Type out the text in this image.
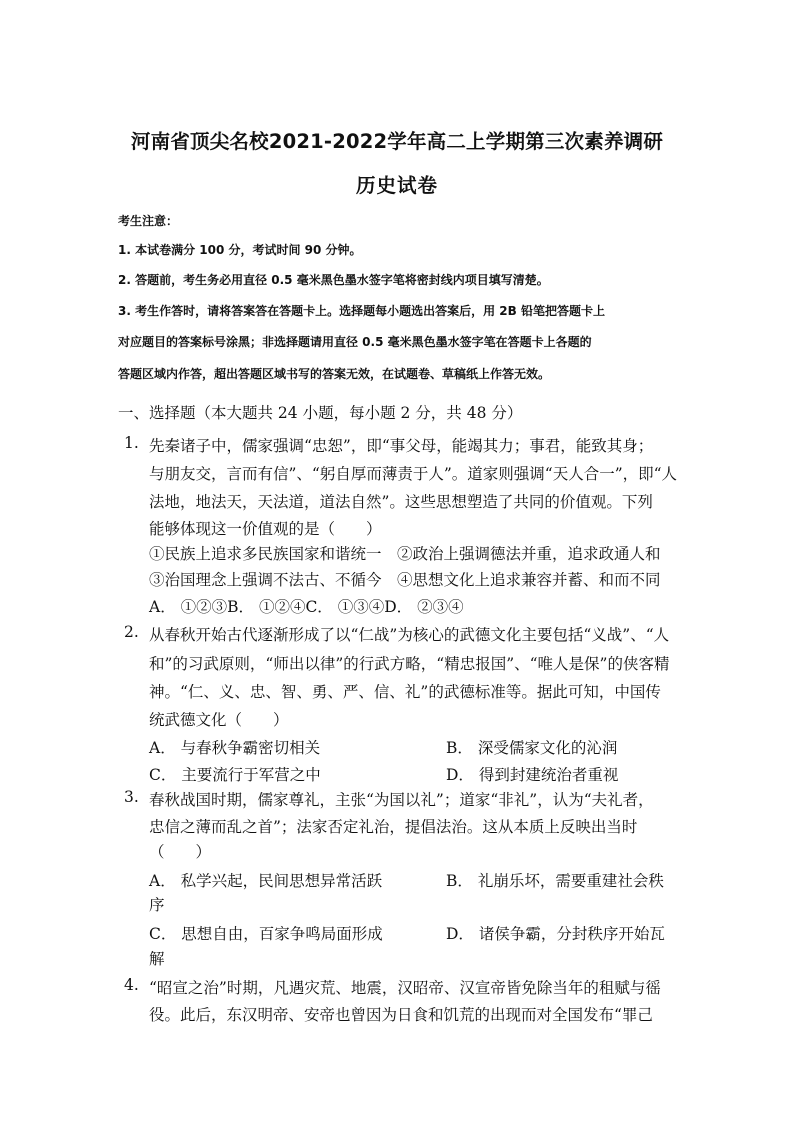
河南省顶尖名校2021-2022学年高二上学期第三次素养调研
历史试卷
考生注意：
1. 本试卷满分 100 分，考试时间 90 分钟。
2. 答题前，考生务必用直径 0.5 毫米黑色墨水签字笔将密封线内项目填写清楚。
3. 考生作答时，请将答案答在答题卡上。选择题每小题选出答案后，用 2B 铅笔把答题卡上
对应题目的答案标号涂黑；非选择题请用直径 0.5 毫米黑色墨水签字笔在答题卡上各题的
答题区域内作答，超出答题区域书写的答案无效，在试题卷、草稿纸上作答无效。
一、选择题（本大题共 24 小题，每小题 2 分，共 48 分）
1. 先秦诸子中，儒家强调“忠恕”，即“事父母，能竭其力；事君，能致其身；
与朋友交，言而有信”、“躬自厚而薄责于人”。道家则强调“天人合一”，即“人
法地，地法天，天法道，道法自然”。这些思想塑造了共同的价值观。下列
能够体现这一价值观的是（　　）
①民族上追求多民族国家和谐统一　②政治上强调德法并重，追求政通人和
③治国理念上强调不法古、不循今　④思想文化上追求兼容并蓄、和而不同
A． ①②③B． ①②④C． ①③④D． ②③④
2. 从春秋开始古代逐渐形成了以“仁战”为核心的武德文化主要包括“义战”、“人
和”的习武原则，“师出以律”的行武方略，“精忠报国”、“唯人是保”的侠客精
神。“仁、义、忠、智、勇、严、信、礼”的武德标准等。据此可知，中国传
统武德文化（　　）
A． 与春秋争霸密切相关	B． 深受儒家文化的沁润
C． 主要流行于军营之中	D． 得到封建统治者重视
3. 春秋战国时期，儒家尊礼，主张“为国以礼”；道家“非礼”，认为“夫礼者，
忠信之薄而乱之首”；法家否定礼治，提倡法治。这从本质上反映出当时
（　　）
A． 私学兴起，民间思想异常活跃	B． 礼崩乐坏，需要重建社会秩
序
C． 思想自由，百家争鸣局面形成	D． 诸侯争霸，分封秩序开始瓦
解
4. “昭宣之治”时期，凡遇灾荒、地震，汉昭帝、汉宣帝皆免除当年的租赋与徭
役。此后，东汉明帝、安帝也曾因为日食和饥荒的出现而对全国发布“罪己
